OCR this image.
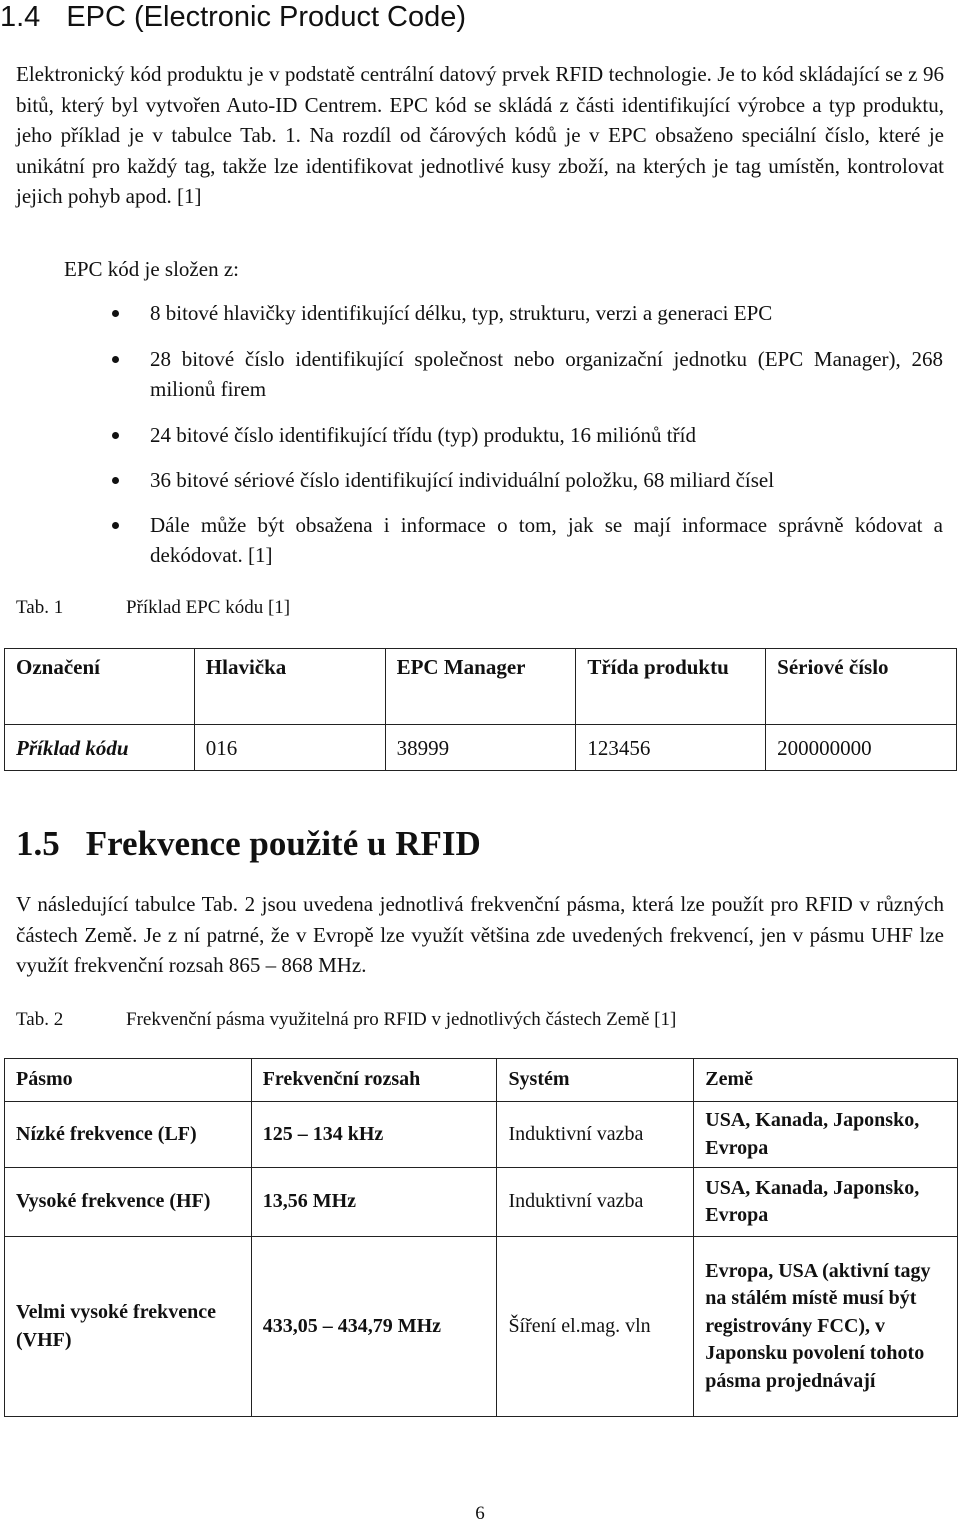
1.4 EPC (Electronic Product Code)

Elektronický kód produktu je v podstatě centrální datový prvek RFID technologie. Je to kód skládající se z 96 bitů, který byl vytvořen Auto-ID Centrem. EPC kód se skládá z části identifikující výrobce a typ produktu, jeho příklad je v tabulce Tab. 1. Na rozdíl od čárových kódů je v EPC obsaženo speciální číslo, které je unikátní pro každý tag, takže lze identifikovat jednotlivé kusy zboží, na kterých je tag umístěn, kontrolovat jejich pohyb apod. [1]

EPC kód je složen z:

8 bitové hlavičky identifikující délku, typ, strukturu, verzi a generaci EPC
28 bitové číslo identifikující společnost nebo organizační jednotku (EPC Manager), 268 milionů firem
24 bitové číslo identifikující třídu (typ) produktu, 16 miliónů tříd
36 bitové sériové číslo identifikující individuální položku, 68 miliard čísel
Dále může být obsažena i informace o tom, jak se mají informace správně kódovat a dekódovat. [1]
Tab. 1	Příklad EPC kódu [1]
Označení	Hlavička	EPC Manager	Třída produktu	Sériové číslo
Příklad kódu	016	38999	123456	200000000
1.5 Frekvence použité u RFID

V následující tabulce Tab. 2 jsou uvedena jednotlivá frekvenční pásma, která lze použít pro RFID v různých částech Země. Je z ní patrné, že v Evropě lze využít většina zde uvedených frekvencí, jen v pásmu UHF lze využít frekvenční rozsah 865 – 868 MHz.

Tab. 2	Frekvenční pásma využitelná pro RFID v jednotlivých částech Země [1]
Pásmo	Frekvenční rozsah	Systém	Země
Nízké frekvence (LF)	125 – 134 kHz	Induktivní vazba	USA, Kanada, Japonsko, Evropa
Vysoké frekvence (HF)	13,56 MHz	Induktivní vazba	USA, Kanada, Japonsko, Evropa
Velmi vysoké frekvence (VHF)	433,05 – 434,79 MHz	Šíření el.mag. vln	Evropa, USA (aktivní tagy na stálém místě musí být registrovány FCC), v Japonsku povolení tohoto pásma projednávají
6
